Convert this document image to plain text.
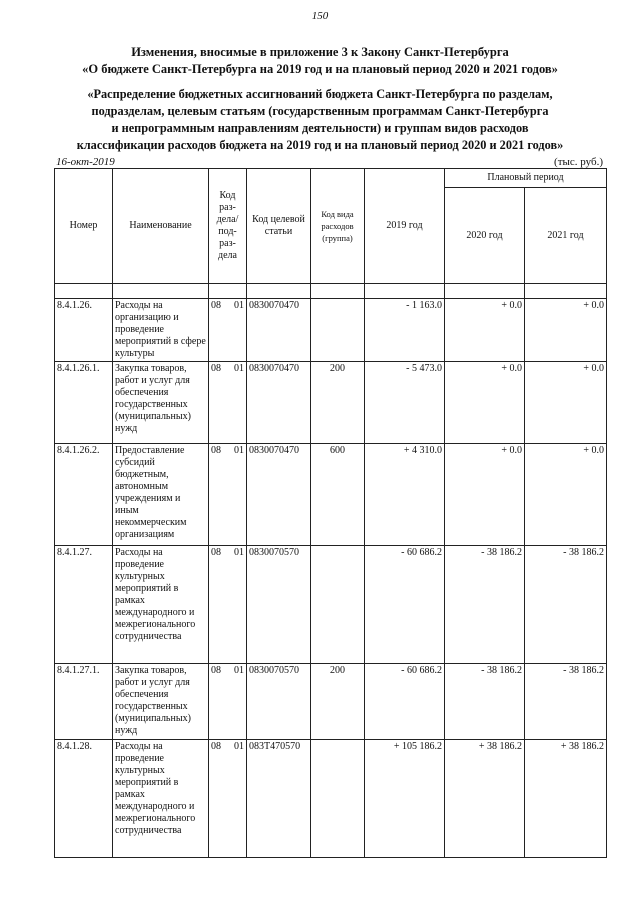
150
Изменения, вносимые в приложение 3 к Закону Санкт-Петербурга
«О бюджете Санкт-Петербурга на 2019 год и на плановый период 2020 и 2021 годов»
«Распределение бюджетных ассигнований бюджета Санкт-Петербурга по разделам,
подразделам, целевым статьям (государственным программам Санкт-Петербурга
и непрограммным направлениям деятельности) и группам видов расходов
классификации расходов бюджета на 2019 год и на плановый период 2020 и 2021 годов»
16-окт-2019	(тыс. руб.)
Номер	Наименование	Код раз-дела/ под-раз-дела	Код целевой статьи	Код вида расходов (группа)	2019 год	Плановый период	
						2020 год	2021 год

8.4.1.26.	Расходы на организацию и проведение мероприятий в сфере культуры	08 01	0830070470		- 1 163.0	+ 0.0	+ 0.0
8.4.1.26.1.	Закупка товаров, работ и услуг для обеспечения государственных (муниципальных) нужд	08 01	0830070470	200	- 5 473.0	+ 0.0	+ 0.0
8.4.1.26.2.	Предоставление субсидий бюджетным, автономным учреждениям и иным некоммерческим организациям	08 01	0830070470	600	+ 4 310.0	+ 0.0	+ 0.0
8.4.1.27.	Расходы на проведение культурных мероприятий в рамках международного и межрегионального сотрудничества	08 01	0830070570		- 60 686.2	- 38 186.2	- 38 186.2
8.4.1.27.1.	Закупка товаров, работ и услуг для обеспечения государственных (муниципальных) нужд	08 01	0830070570	200	- 60 686.2	- 38 186.2	- 38 186.2
8.4.1.28.	Расходы на проведение культурных мероприятий в рамках международного и межрегионального сотрудничества	08 01	083Т470570		+ 105 186.2	+ 38 186.2	+ 38 186.2
